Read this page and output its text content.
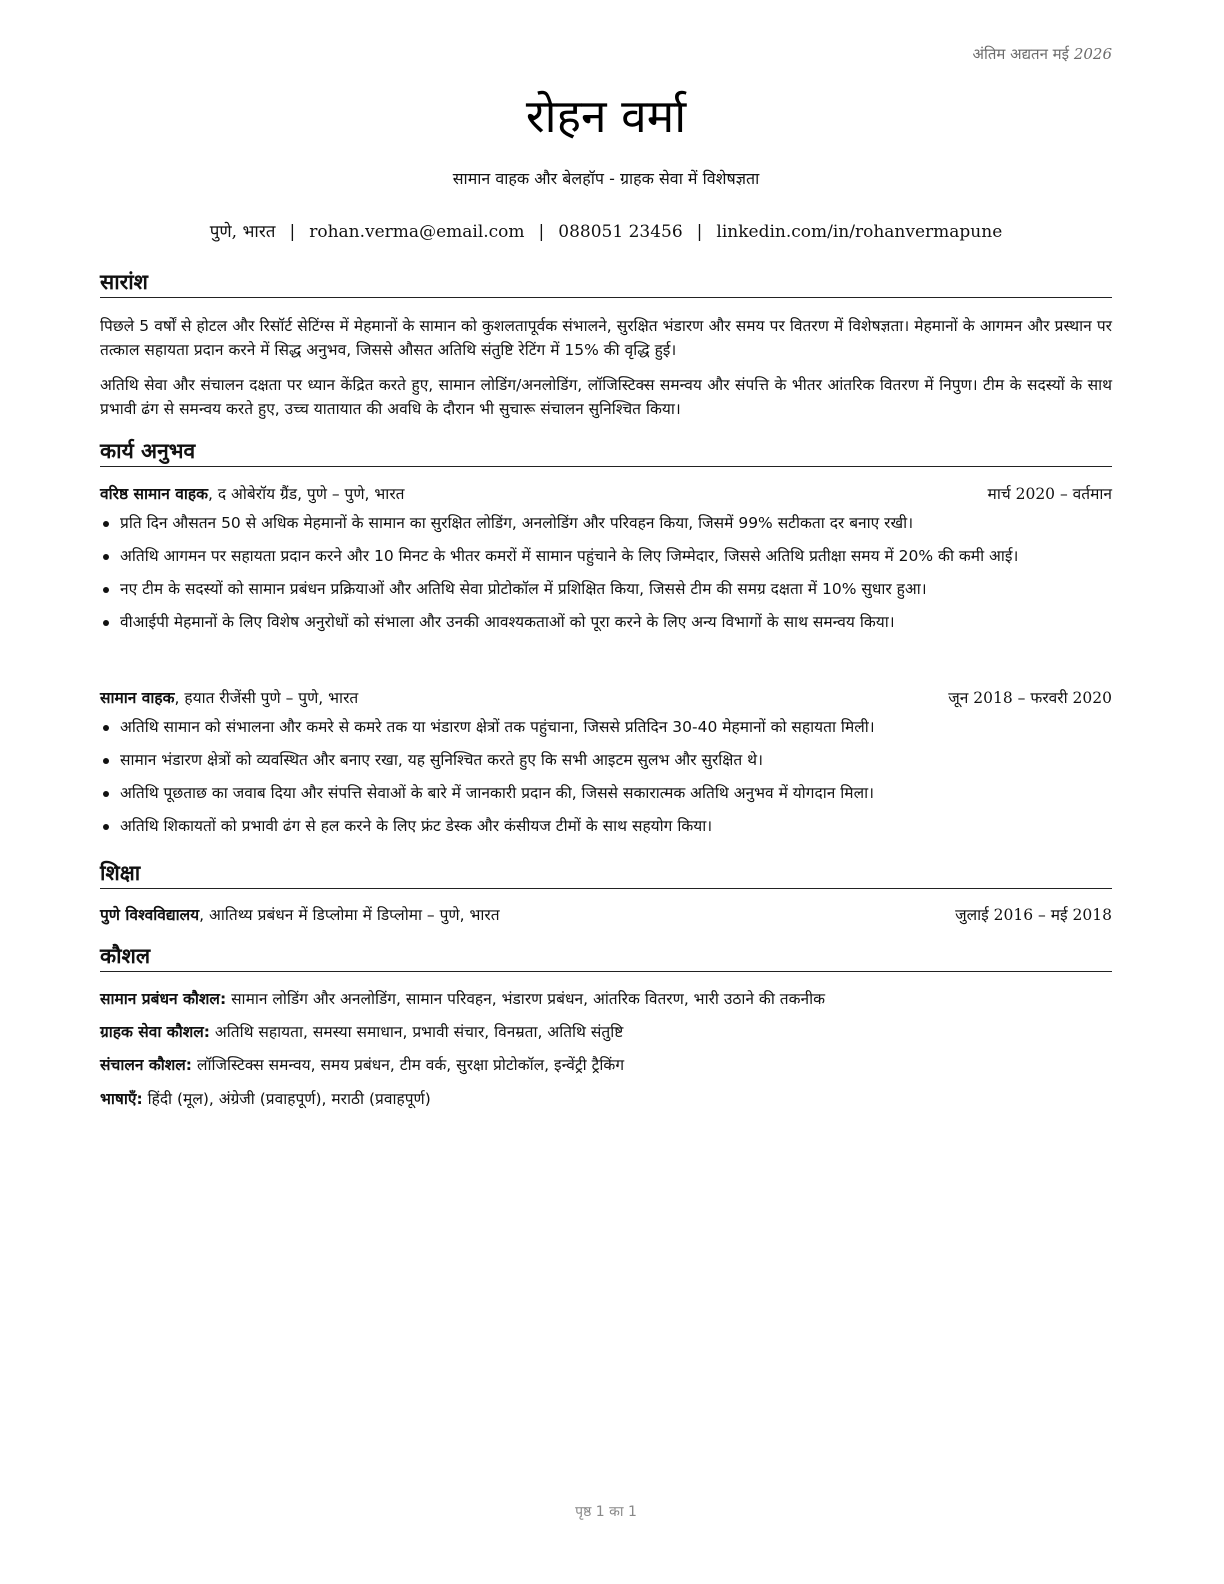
अंतिम अद्यतन मई 2026
रोहन वर्मा
सामान वाहक और बेलहॉप - ग्राहक सेवा में विशेषज्ञता
पुणे, भारत | rohan.verma@email.com | 088051 23456 | linkedin.com/in/rohanvermapune
सारांश
पिछले 5 वर्षों से होटल और रिसॉर्ट सेटिंग्स में मेहमानों के सामान को कुशलतापूर्वक संभालने, सुरक्षित भंडारण और समय पर वितरण में विशेषज्ञता। मेहमानों के आगमन और प्रस्थान पर तत्काल सहायता प्रदान करने में सिद्ध अनुभव, जिससे औसत अतिथि संतुष्टि रेटिंग में 15% की वृद्धि हुई।
अतिथि सेवा और संचालन दक्षता पर ध्यान केंद्रित करते हुए, सामान लोडिंग/अनलोडिंग, लॉजिस्टिक्स समन्वय और संपत्ति के भीतर आंतरिक वितरण में निपुण। टीम के सदस्यों के साथ प्रभावी ढंग से समन्वय करते हुए, उच्च यातायात की अवधि के दौरान भी सुचारू संचालन सुनिश्चित किया।
कार्य अनुभव
वरिष्ठ सामान वाहक, द ओबेरॉय ग्रैंड, पुणे – पुणे, भारत	मार्च 2020 – वर्तमान
प्रति दिन औसतन 50 से अधिक मेहमानों के सामान का सुरक्षित लोडिंग, अनलोडिंग और परिवहन किया, जिसमें 99% सटीकता दर बनाए रखी।
अतिथि आगमन पर सहायता प्रदान करने और 10 मिनट के भीतर कमरों में सामान पहुंचाने के लिए जिम्मेदार, जिससे अतिथि प्रतीक्षा समय में 20% की कमी आई।
नए टीम के सदस्यों को सामान प्रबंधन प्रक्रियाओं और अतिथि सेवा प्रोटोकॉल में प्रशिक्षित किया, जिससे टीम की समग्र दक्षता में 10% सुधार हुआ।
वीआईपी मेहमानों के लिए विशेष अनुरोधों को संभाला और उनकी आवश्यकताओं को पूरा करने के लिए अन्य विभागों के साथ समन्वय किया।
सामान वाहक, हयात रीजेंसी पुणे – पुणे, भारत	जून 2018 – फरवरी 2020
अतिथि सामान को संभालना और कमरे से कमरे तक या भंडारण क्षेत्रों तक पहुंचाना, जिससे प्रतिदिन 30-40 मेहमानों को सहायता मिली।
सामान भंडारण क्षेत्रों को व्यवस्थित और बनाए रखा, यह सुनिश्चित करते हुए कि सभी आइटम सुलभ और सुरक्षित थे।
अतिथि पूछताछ का जवाब दिया और संपत्ति सेवाओं के बारे में जानकारी प्रदान की, जिससे सकारात्मक अतिथि अनुभव में योगदान मिला।
अतिथि शिकायतों को प्रभावी ढंग से हल करने के लिए फ्रंट डेस्क और कंसीयज टीमों के साथ सहयोग किया।
शिक्षा
पुणे विश्वविद्यालय, आतिथ्य प्रबंधन में डिप्लोमा में डिप्लोमा – पुणे, भारत	जुलाई 2016 – मई 2018
कौशल
सामान प्रबंधन कौशल: सामान लोडिंग और अनलोडिंग, सामान परिवहन, भंडारण प्रबंधन, आंतरिक वितरण, भारी उठाने की तकनीक
ग्राहक सेवा कौशल: अतिथि सहायता, समस्या समाधान, प्रभावी संचार, विनम्रता, अतिथि संतुष्टि
संचालन कौशल: लॉजिस्टिक्स समन्वय, समय प्रबंधन, टीम वर्क, सुरक्षा प्रोटोकॉल, इन्वेंट्री ट्रैकिंग
भाषाएँ: हिंदी (मूल), अंग्रेजी (प्रवाहपूर्ण), मराठी (प्रवाहपूर्ण)
पृष्ठ 1 का 1
